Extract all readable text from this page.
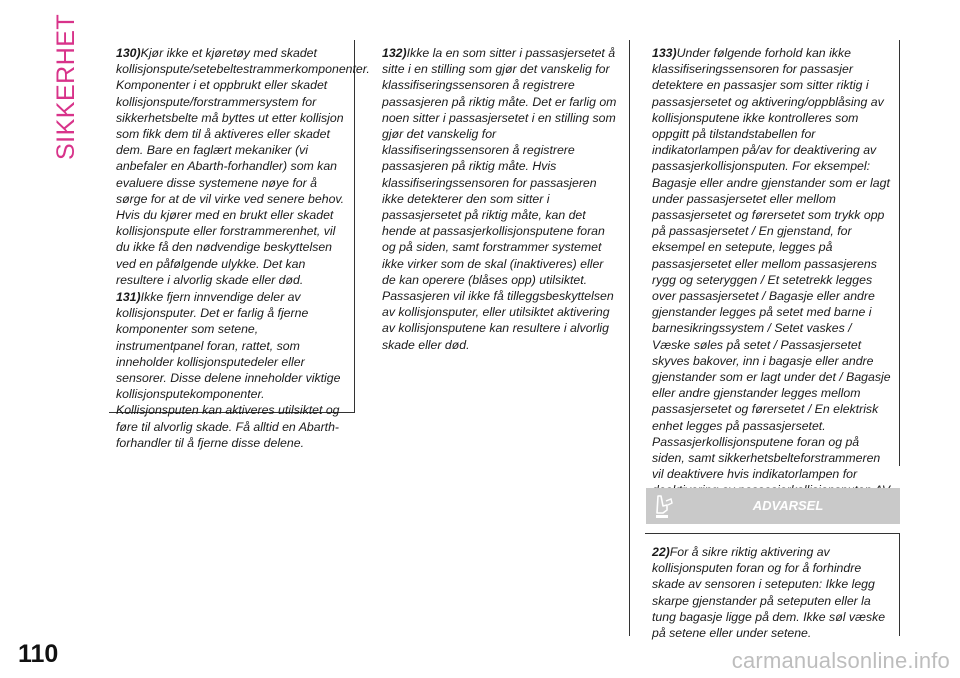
SIKKERHET	130)Kjør ikke et kjøretøy med skadet kollisjonspute/setebeltestrammerkomponenter. Komponenter i et oppbrukt eller skadet kollisjonspute/forstrammersystem for sikkerhetsbelte må byttes ut etter kollisjon som fikk dem til å aktiveres eller skadet dem. Bare en faglært mekaniker (vi anbefaler en Abarth-forhandler) som kan evaluere disse systemene nøye for å sørge for at de vil virke ved senere behov. Hvis du kjører med en brukt eller skadet kollisjonspute eller forstrammerenhet, vil du ikke få den nødvendige beskyttelsen ved en påfølgende ulykke. Det kan resultere i alvorlig skade eller død.

131)Ikke fjern innvendige deler av kollisjonsputer. Det er farlig å fjerne komponenter som setene, instrumentpanel foran, rattet, som inneholder kollisjonsputedeler eller sensorer. Disse delene inneholder viktige kollisjonsputekomponenter. Kollisjonsputen kan aktiveres utilsiktet og føre til alvorlig skade. Få alltid en Abarth-forhandler til å fjerne disse delene.

132)Ikke la en som sitter i passasjersetet å sitte i en stilling som gjør det vanskelig for klassifiseringssensoren å registrere passasjeren på riktig måte. Det er farlig om noen sitter i passasjersetet i en stilling som gjør det vanskelig for klassifiseringssensoren å registrere passasjeren på riktig måte. Hvis klassifiseringssensoren for passasjeren ikke detekterer den som sitter i passasjersetet på riktig måte, kan det hende at passasjerkollisjonsputene foran og på siden, samt forstrammer systemet ikke virker som de skal (inaktiveres) eller de kan operere (blåses opp) utilsiktet. Passasjeren vil ikke få tilleggsbeskyttelsen av kollisjonsputer, eller utilsiktet aktivering av kollisjonsputene kan resultere i alvorlig skade eller død.

133)Under følgende forhold kan ikke klassifiseringssensoren for passasjer detektere en passasjer som sitter riktig i passasjersetet og aktivering/oppblåsing av kollisjonsputene ikke kontrolleres som oppgitt på tilstandstabellen for indikatorlampen på/av for deaktivering av passasjerkollisjonsputen. For eksempel: Bagasje eller andre gjenstander som er lagt under passasjersetet eller mellom passasjersetet og førersetet som trykk opp på passasjersetet / En gjenstand, for eksempel en setepute, legges på passasjersetet eller mellom passasjerens rygg og seteryggen / Et setetrekk legges over passasjersetet / Bagasje eller andre gjenstander legges på setet med barne i barnesikringssystem / Setet vaskes / Væske søles på setet / Passasjersetet skyves bakover, inn i bagasje eller andre gjenstander som er lagt under det / Bagasje eller andre gjenstander legges mellom passasjersetet og førersetet / En elektrisk enhet legges på passasjersetet. Passasjerkollisjonsputene foran og på siden, samt sikkerhetsbelteforstrammeren vil deaktivere hvis indikatorlampen for

ADVARSEL

22)For å sikre riktig aktivering av kollisjonsputen foran og for å forhindre skade av sensoren i seteputen: Ikke legg skarpe gjenstander på seteputen eller la tung bagasje ligge på dem. Ikke søl væske på setene eller under setene.

110	carmanualsonline.info
